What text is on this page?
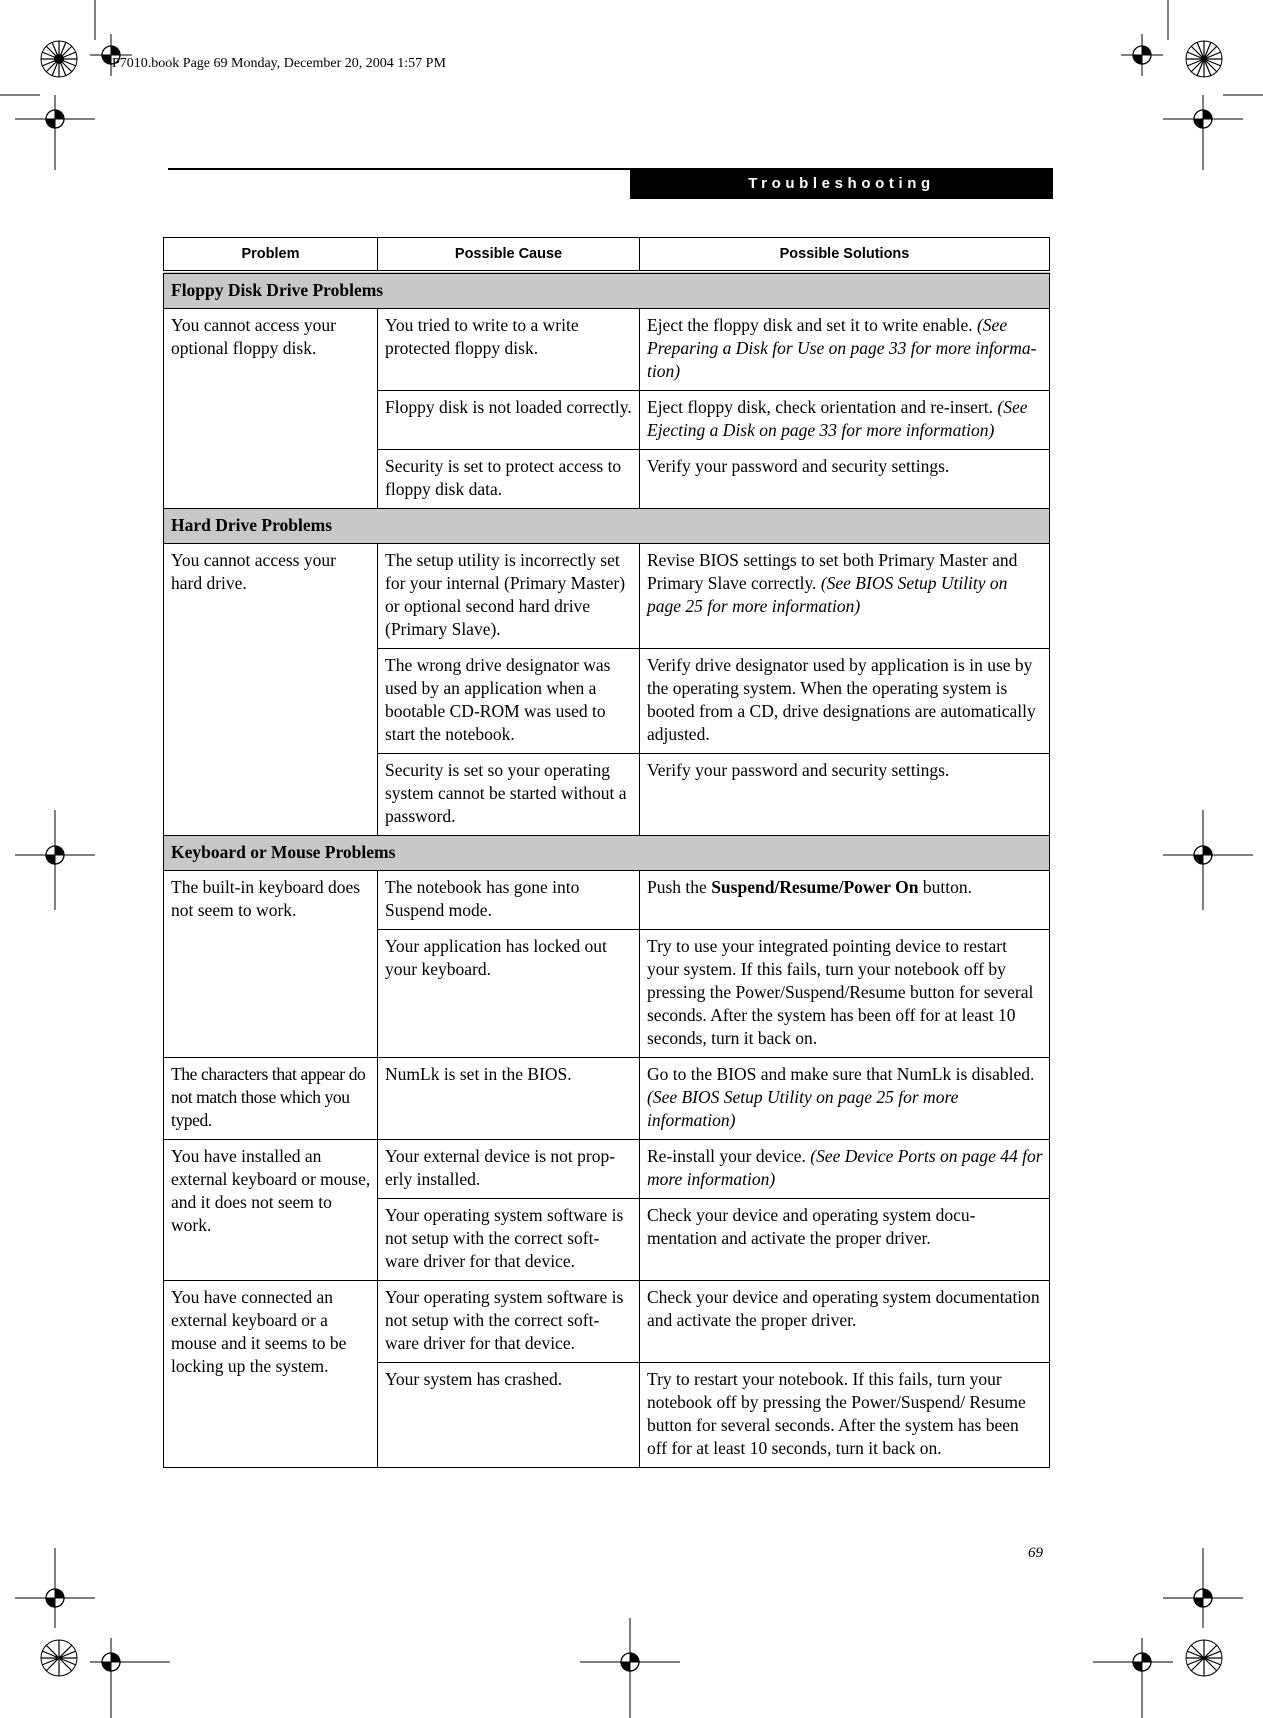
P7010.book Page 69 Monday, December 20, 2004 1:57 PM
Troubleshooting
Problem	Possible Cause	Possible Solutions
Floppy Disk Drive Problems		
You cannot access your optional floppy disk.	You tried to write to a write protected floppy disk.	Eject the floppy disk and set it to write enable. (See Preparing a Disk for Use on page 33 for more informa-tion)
	Floppy disk is not loaded correctly.	Eject floppy disk, check orientation and re-insert. (See Ejecting a Disk on page 33 for more information)
	Security is set to protect access to floppy disk data.	Verify your password and security settings.
Hard Drive Problems		
You cannot access your hard drive.	The setup utility is incorrectly set for your internal (Primary Master) or optional second hard drive (Primary Slave).	Revise BIOS settings to set both Primary Master and Primary Slave correctly. (See BIOS Setup Utility on page 25 for more information)
	The wrong drive designator was used by an application when a bootable CD-ROM was used to start the notebook.	Verify drive designator used by application is in use by the operating system. When the operating system is booted from a CD, drive designations are automatically adjusted.
	Security is set so your operating system cannot be started without a password.	Verify your password and security settings.
Keyboard or Mouse Problems		
The built-in keyboard does not seem to work.	The notebook has gone into Suspend mode.	Push the Suspend/Resume/Power On button.
	Your application has locked out your keyboard.	Try to use your integrated pointing device to restart your system. If this fails, turn your notebook off by pressing the Power/Suspend/Resume button for several seconds. After the system has been off for at least 10 seconds, turn it back on.
The characters that appear do not match those which you typed.	NumLk is set in the BIOS.	Go to the BIOS and make sure that NumLk is disabled. (See BIOS Setup Utility on page 25 for more information)
You have installed an external keyboard or mouse, and it does not seem to work.	Your external device is not prop-erly installed.	Re-install your device. (See Device Ports on page 44 for more information)
	Your operating system software is not setup with the correct soft-ware driver for that device.	Check your device and operating system docu-mentation and activate the proper driver.
You have connected an external keyboard or a mouse and it seems to be locking up the system.	Your operating system software is not setup with the correct soft-ware driver for that device.	Check your device and operating system documentation and activate the proper driver.
	Your system has crashed.	Try to restart your notebook. If this fails, turn your notebook off by pressing the Power/Suspend/ Resume button for several seconds. After the system has been off for at least 10 seconds, turn it back on.
69
